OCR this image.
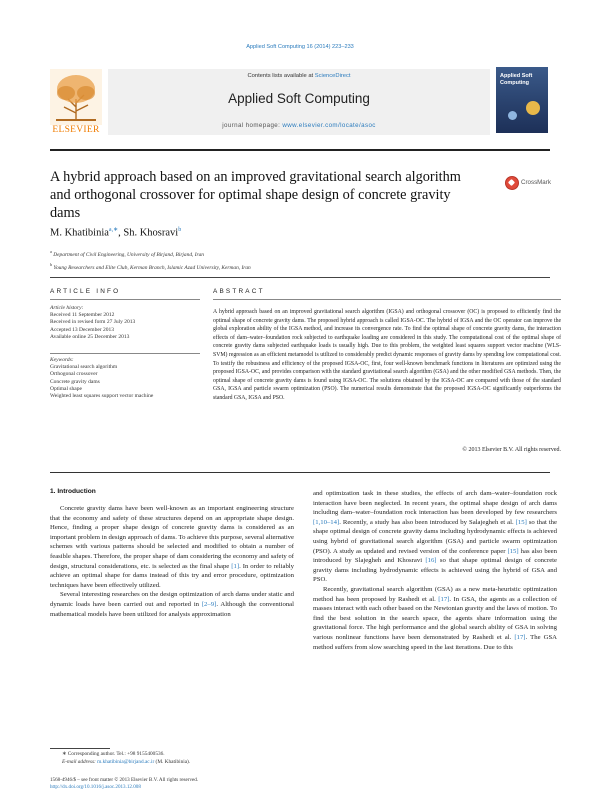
Applied Soft Computing 16 (2014) 223–233
ELSEVIER
Contents lists available at ScienceDirect
Applied Soft Computing
journal homepage: www.elsevier.com/locate/asoc
Applied Soft Computing
A hybrid approach based on an improved gravitational search algorithm and orthogonal crossover for optimal shape design of concrete gravity dams
CrossMark
M. Khatibinia$^{a,∗}$, Sh. Khosravi$^b$
$^a$ Department of Civil Engineering, University of Birjand, Birjand, Iran
$^b$ Young Researchers and Elite Club, Kerman Branch, Islamic Azad University, Kerman, Iran
ARTICLE INFO	ABSTRACT
Article history:
Received 11 September 2012
Received in revised form 27 July 2013
Accepted 13 December 2013
Available online 25 December 2013
Keywords:
Gravitational search algorithm
Orthogonal crossover
Concrete gravity dams
Optimal shape
Weighted least squares support vector machine
A hybrid approach based on an improved gravitational search algorithm (IGSA) and orthogonal crossover (OC) is proposed to efficiently find the optimal shape of concrete gravity dams. The proposed hybrid approach is called IGSA-OC. The hybrid of IGSA and the OC operator can improve the global exploration ability of the IGSA method, and increase its convergence rate. To find the optimal shape of concrete gravity dams, the interaction effects of dam–water–foundation rock subjected to earthquake loading are considered in this study. The computational cost of the optimal shape of concrete gravity dams subjected earthquake loads is usually high. Due to this problem, the weighted least squares support vector machine (WLS-SVM) regression as an efficient metamodel is utilized to considerably predict dynamic responses of gravity dams by spending low computational cost. To testify the robustness and efficiency of the proposed IGSA-OC, first, four well-known benchmark functions in literatures are optimized using the proposed IGSA-OC, and provides comparison with the standard gravitational search algorithm (GSA) and the other modified GSA methods. Then, the optimal shape of concrete gravity dams is found using IGSA-OC. The solutions obtained by the IGSA-OC are compared with those of the standard GSA, IGSA and particle swarm optimization (PSO). The numerical results demonstrate that the proposed IGSA-OC significantly outperforms the standard GSA, IGSA and PSO.
© 2013 Elsevier B.V. All rights reserved.
1. Introduction

Concrete gravity dams have been well-known as an important engineering structure that the economy and safety of these structures depend on an appropriate shape design. Hence, finding a proper shape design of concrete gravity dams is considered as an important problem in design approach of dams. To achieve this purpose, several alternative schemes with various patterns should be selected and modified to obtain a number of feasible shapes. Therefore, the proper shape of dam considering the economy and safety of design, structural considerations, etc. is selected as the final shape [1]. In order to reliably achieve an optimal shape for dams instead of this try and error procedure, optimization techniques have been effectively utilized.

Several interesting researches on the design optimization of arch dams under static and dynamic loads have been carried out and reported in [2–9]. Although the conventional mathematical models have been utilized for analysis approximation

and optimization task in these studies, the effects of arch dam–water–foundation rock interaction have been neglected. In recent years, the optimal shape design of arch dams including dam–water–foundation rock interaction has been developed by few researchers [1,10–14]. Recently, a study has also been introduced by Salajegheh et al. [15] so that the shape optimal design of concrete gravity dams including hydrodynamic effects is achieved using hybrid of gravitational search algorithm (GSA) and particle swarm optimization (PSO). A study as updated and revised version of the conference paper [15] has also been introduced by Slajegheh and Khosravi [16] so that shape optimal design of concrete gravity dams including hydrodynamic effects is achieved using the hybrid of GSA and PSO.

Recently, gravitational search algorithm (GSA) as a new meta-heuristic optimization method has been proposed by Rashedi et al. [17]. In GSA, the agents as a collection of masses interact with each other based on the Newtonian gravity and the laws of motion. To find the best solution in the search space, the agents share information using the gravitational force. The high performance and the global search ability of GSA in solving various nonlinear functions have been demonstrated by Rashedi et al. [17]. The GSA method suffers from slow searching speed in the last iterations. Due to this

∗ Corresponding author. Tel.: +98 9155400536.
E-mail address: m.khatibinia@birjand.ac.ir (M. Khatibinia).
1568-4946/$ – see front matter © 2013 Elsevier B.V. All rights reserved.
http://dx.doi.org/10.1016/j.asoc.2013.12.008
